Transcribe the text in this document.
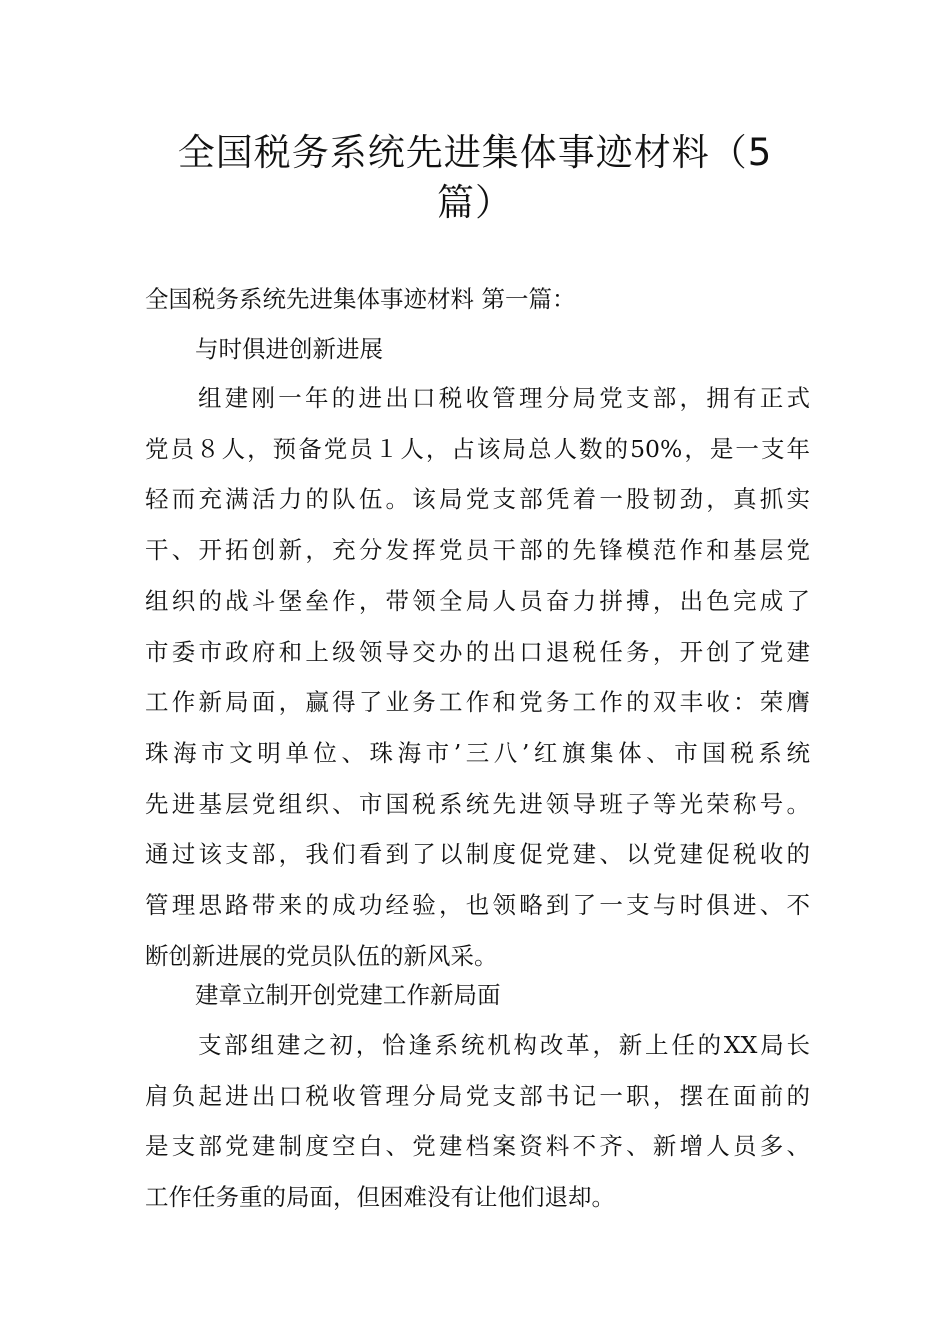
全国税务系统先进集体事迹材料（5
篇）
全国税务系统先进集体事迹材料 第一篇：
与时俱进创新进展
组建刚一年的进出口税收管理分局党支部，拥有正式
党员８人，预备党员１人，占该局总人数的50%，是一支年
轻而充满活力的队伍。该局党支部凭着一股韧劲，真抓实
干、开拓创新，充分发挥党员干部的先锋模范作和基层党
组织的战斗堡垒作，带领全局人员奋力拼搏，出色完成了
市委市政府和上级领导交办的出口退税任务，开创了党建
工作新局面，赢得了业务工作和党务工作的双丰收：荣膺
珠海市文明单位、珠海市’三八’红旗集体、市国税系统
先进基层党组织、市国税系统先进领导班子等光荣称号。
通过该支部，我们看到了以制度促党建、以党建促税收的
管理思路带来的成功经验，也领略到了一支与时俱进、不
断创新进展的党员队伍的新风采。
建章立制开创党建工作新局面
支部组建之初，恰逢系统机构改革，新上任的XX局长
肩负起进出口税收管理分局党支部书记一职，摆在面前的
是支部党建制度空白、党建档案资料不齐、新增人员多、
工作任务重的局面，但困难没有让他们退却。
